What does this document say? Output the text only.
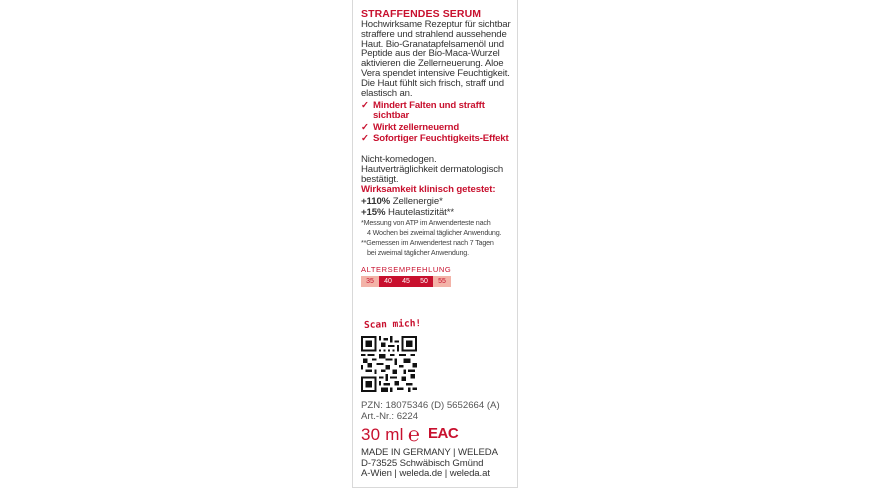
STRAFFENDES SERUM
Hochwirksame Rezeptur für sichtbar straffere und strahlend aussehende Haut. Bio-Granatapfelsamenöl und Peptide aus der Bio-Maca-Wurzel aktivieren die Zellerneuerung. Aloe Vera spendet intensive Feuchtigkeit. Die Haut fühlt sich frisch, straff und elastisch an.
✓ Mindert Falten und strafft sichtbar
✓ Wirkt zellerneuernd
✓ Sofortiger Feuchtigkeits-Effekt
Nicht-komedogen. Hautverträglichkeit dermatologisch bestätigt.
Wirksamkeit klinisch getestet:
+110% Zellenergie*
+15% Hautelastizität**
*Messung von ATP im Anwenderteste nach
4 Wochen bei zweimal täglicher Anwendung.
**Gemessen im Anwendertest nach 7 Tagen
bei zweimal täglicher Anwendung.
ALTERSEMPFEHLUNG
35	40	45	50	55
Scan mich!
PZN: 18075346 (D) 5652664 (A)
Art.-Nr.: 6224
30 ml ℮ EAC
MADE IN GERMANY | WELEDA
D-73525 Schwäbisch Gmünd
A-Wien | weleda.de | weleda.at
